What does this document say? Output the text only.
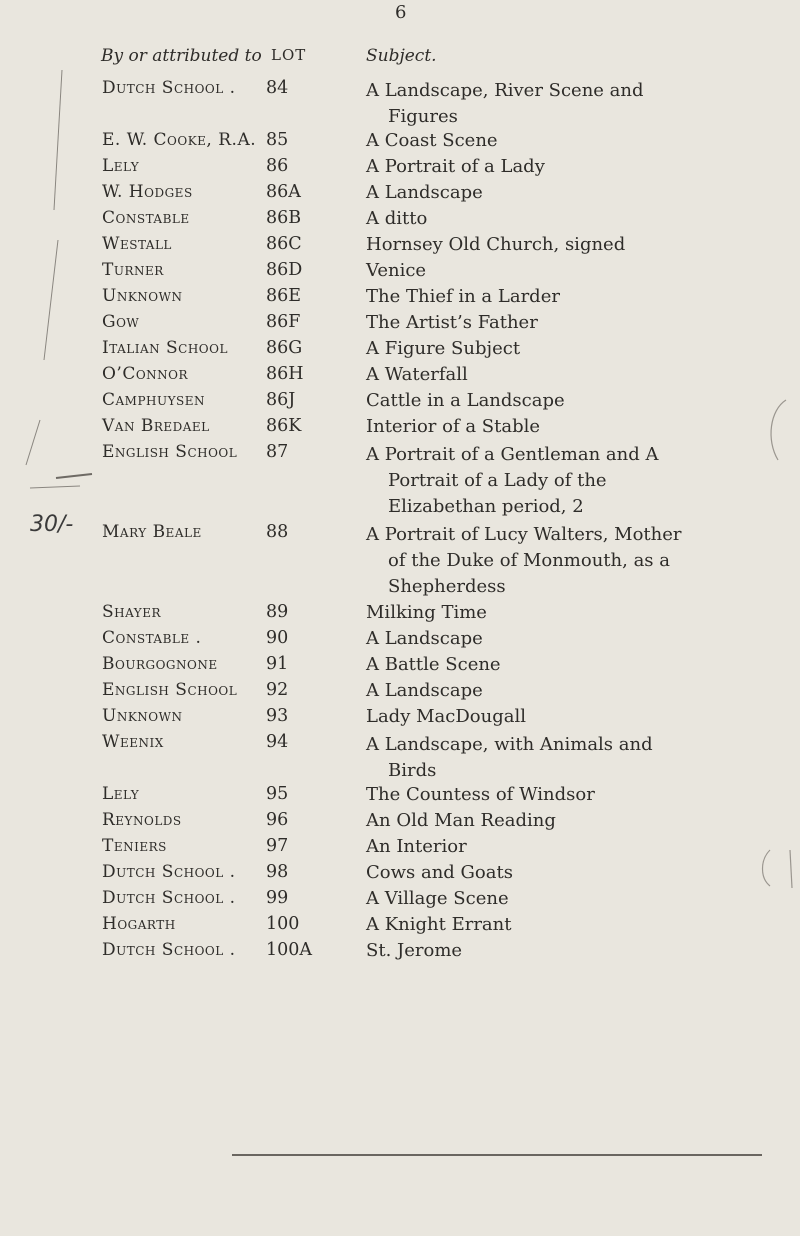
6
By or attributed to LOT	Subject.
30/-
Dutch School . 84	A Landscape, River Scene and
Figures
E. W. Cooke, R.A. 85	A Coast Scene
Lely	86	A Portrait of a Lady
W. Hodges	86A	A Landscape
Constable	86B	A ditto
Westall	86C	Hornsey Old Church, signed
Turner	86D	Venice
Unknown	86E	The Thief in a Larder
Gow	86F	The Artist’s Father
Italian School 86G	A Figure Subject
O’Connor	86H	A Waterfall
Camphuysen	86J	Cattle in a Landscape
Van Bredael	86K	Interior of a Stable
English School 87	A Portrait of a Gentleman and A
Portrait of a Lady of the
Elizabethan period, 2
Mary Beale	88	A Portrait of Lucy Walters, Mother
of the Duke of Monmouth, as a
Shepherdess
Shayer	89	Milking Time
Constable .	90	A Landscape
Bourgognone	91	A Battle Scene
English School 92	A Landscape
Unknown	93	Lady MacDougall
Weenix	94	A Landscape, with Animals and
Birds
Lely	95	The Countess of Windsor
Reynolds	96	An Old Man Reading
Teniers	97	An Interior
Dutch School . 98	Cows and Goats
Dutch School . 99	A Village Scene
Hogarth	100	A Knight Errant
Dutch School . 100A	St. Jerome
